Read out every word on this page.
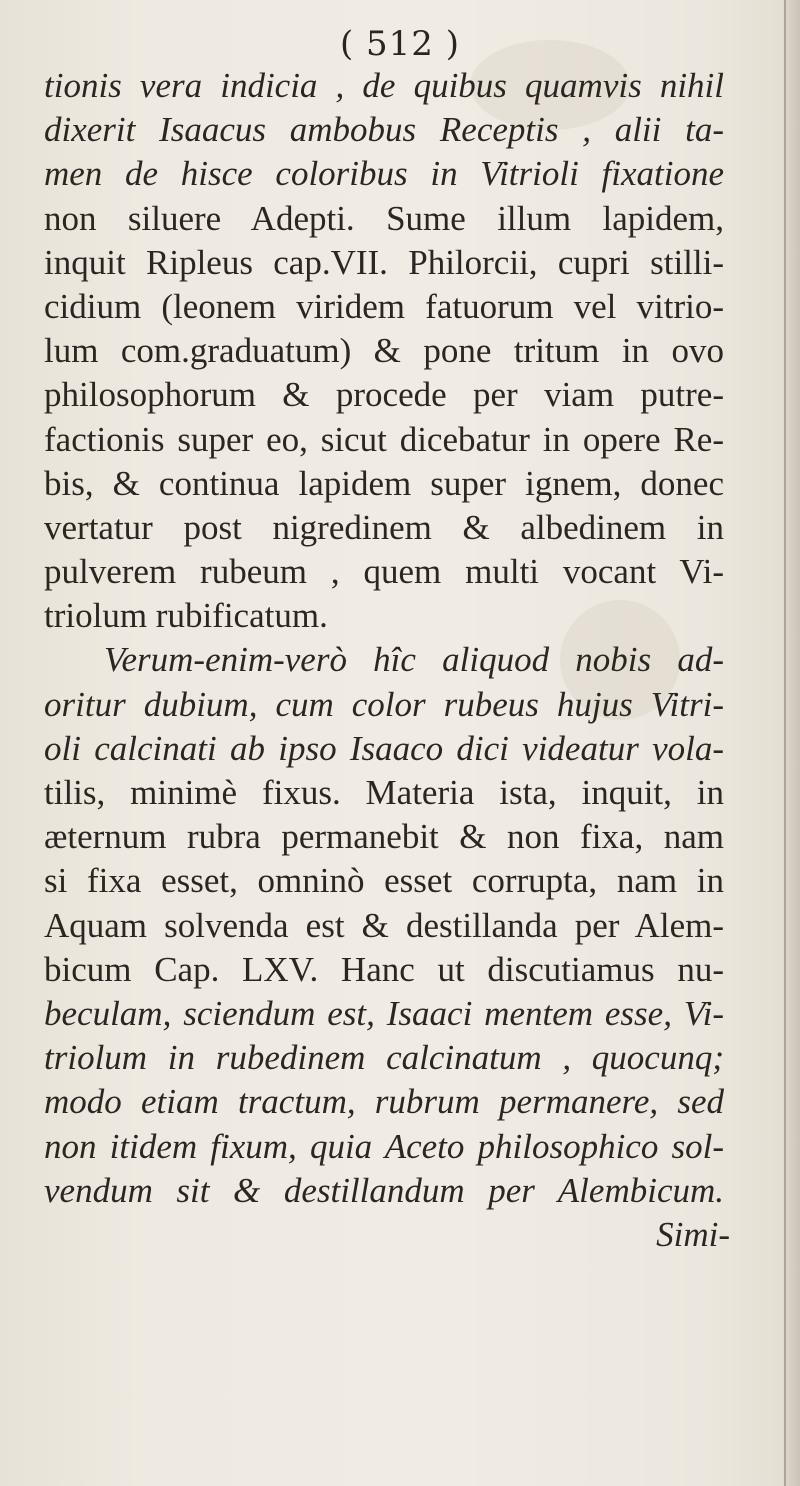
( 512 )
tionis vera indicia , de quibus quamvis nihil
dixerit Isaacus ambobus Receptis , alii ta-
men de hisce coloribus in Vitrioli fixatione
non siluere Adepti. Sume illum lapidem,
inquit Ripleus cap.VII. Philorcii, cupri stilli-
cidium (leonem viridem fatuorum vel vitrio-
lum com.graduatum) & pone tritum in ovo
philosophorum & procede per viam putre-
factionis super eo, sicut dicebatur in opere Re-
bis, & continua lapidem super ignem, donec
vertatur post nigredinem & albedinem in
pulverem rubeum , quem multi vocant Vi-
triolum rubificatum.
Verum-enim-verò hîc aliquod nobis ad-
oritur dubium, cum color rubeus hujus Vitri-
oli calcinati ab ipso Isaaco dici videatur vola-
tilis, minimè fixus. Materia ista, inquit, in
æternum rubra permanebit & non fixa, nam
si fixa esset, omninò esset corrupta, nam in
Aquam solvenda est & destillanda per Alem-
bicum Cap. LXV. Hanc ut discutiamus nu-
beculam, sciendum est, Isaaci mentem esse, Vi-
triolum in rubedinem calcinatum , quocunq;
modo etiam tractum, rubrum permanere, sed
non itidem fixum, quia Aceto philosophico sol-
vendum sit & destillandum per Alembicum.
Simi-
